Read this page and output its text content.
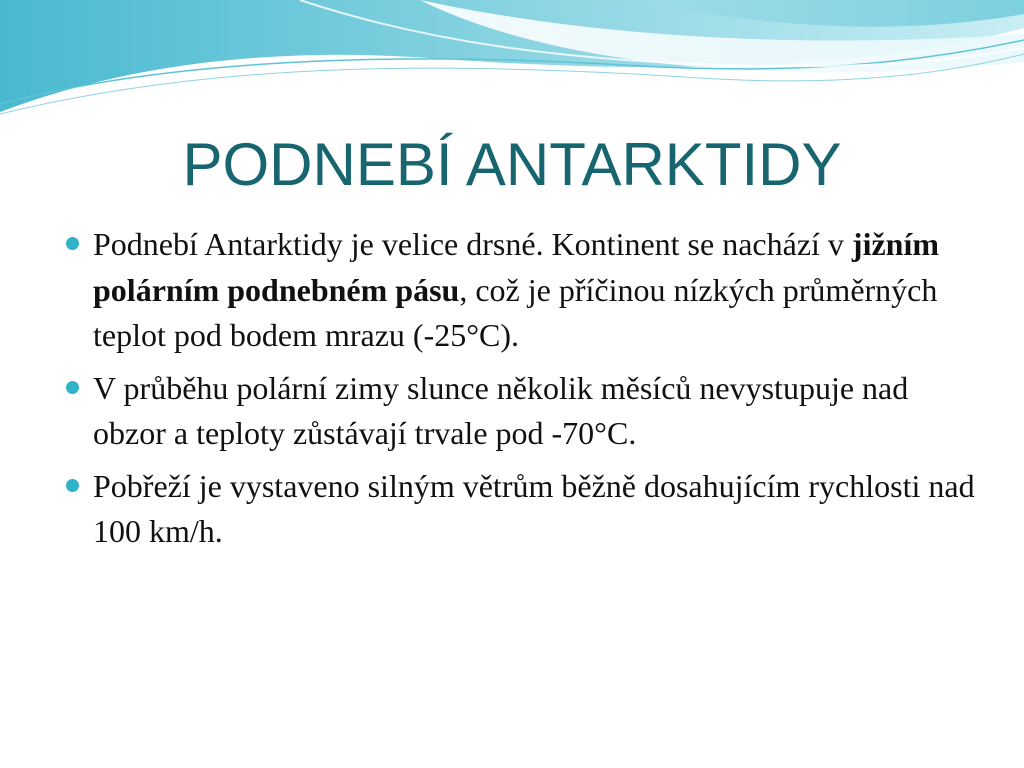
PODNEBÍ ANTARKTIDY
Podnebí Antarktidy je velice drsné. Kontinent se nachází v jižním polárním podnebném pásu, což je příčinou nízkých průměrných teplot pod bodem mrazu (-25°C).
V průběhu polární zimy slunce několik měsíců nevystupuje nad obzor a teploty zůstávají trvale pod -70°C.
Pobřeží je vystaveno silným větrům běžně dosahujícím rychlosti nad 100 km/h.
